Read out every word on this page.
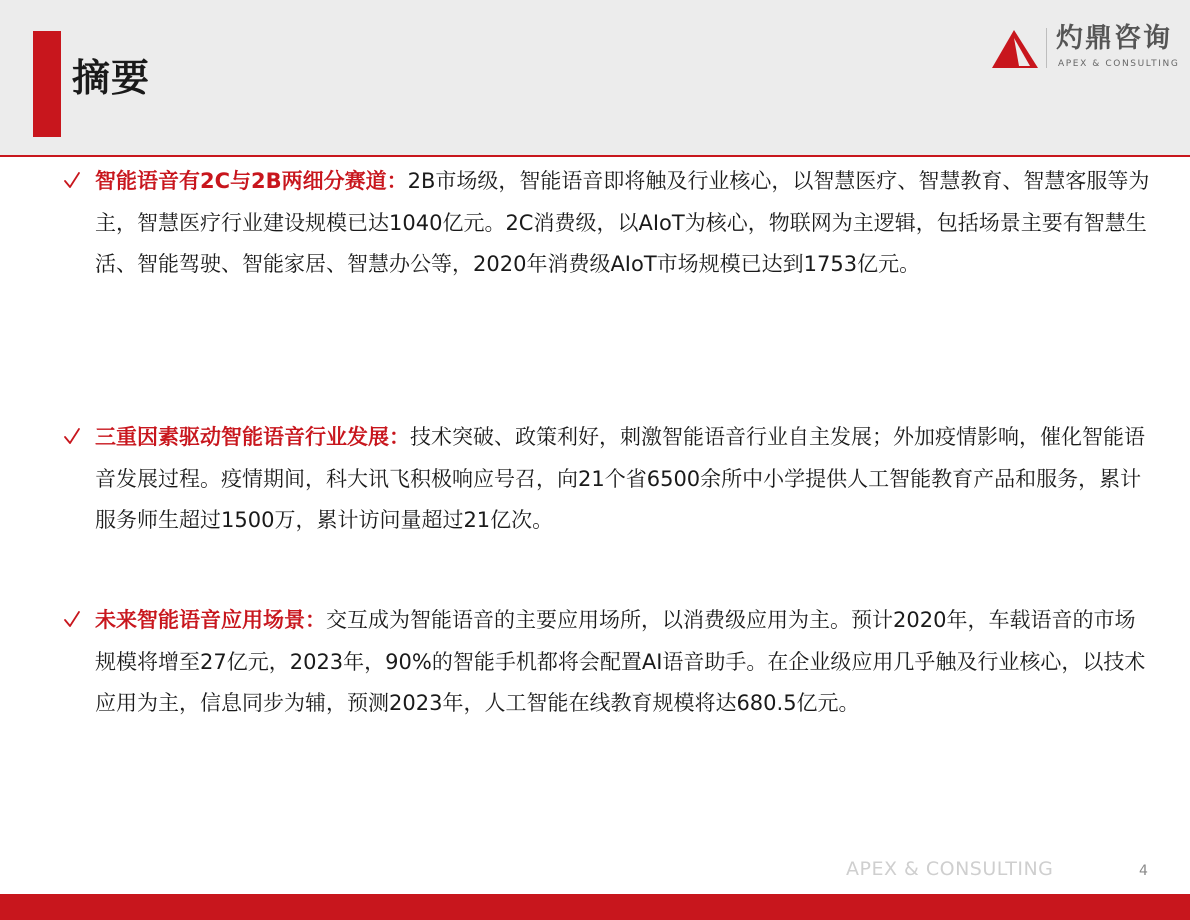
摘要
灼鼎咨询
APEX & CONSULTING

智能语音有2C与2B两细分赛道：2B市场级，智能语音即将触及行业核心，以智慧医疗、智慧教育、智慧客服等为主，智慧医疗行业建设规模已达1040亿元。2C消费级，以AIoT为核心，物联网为主逻辑，包括场景主要有智慧生活、智能驾驶、智能家居、智慧办公等，2020年消费级AIoT市场规模已达到1753亿元。

三重因素驱动智能语音行业发展：技术突破、政策利好，刺激智能语音行业自主发展；外加疫情影响，催化智能语音发展过程。疫情期间，科大讯飞积极响应号召，向21个省6500余所中小学提供人工智能教育产品和服务，累计服务师生超过1500万，累计访问量超过21亿次。

未来智能语音应用场景：交互成为智能语音的主要应用场所，以消费级应用为主。预计2020年，车载语音的市场规模将增至27亿元，2023年，90%的智能手机都将会配置AI语音助手。在企业级应用几乎触及行业核心，以技术应用为主，信息同步为辅，预测2023年，人工智能在线教育规模将达680.5亿元。

APEX & CONSULTING	4
